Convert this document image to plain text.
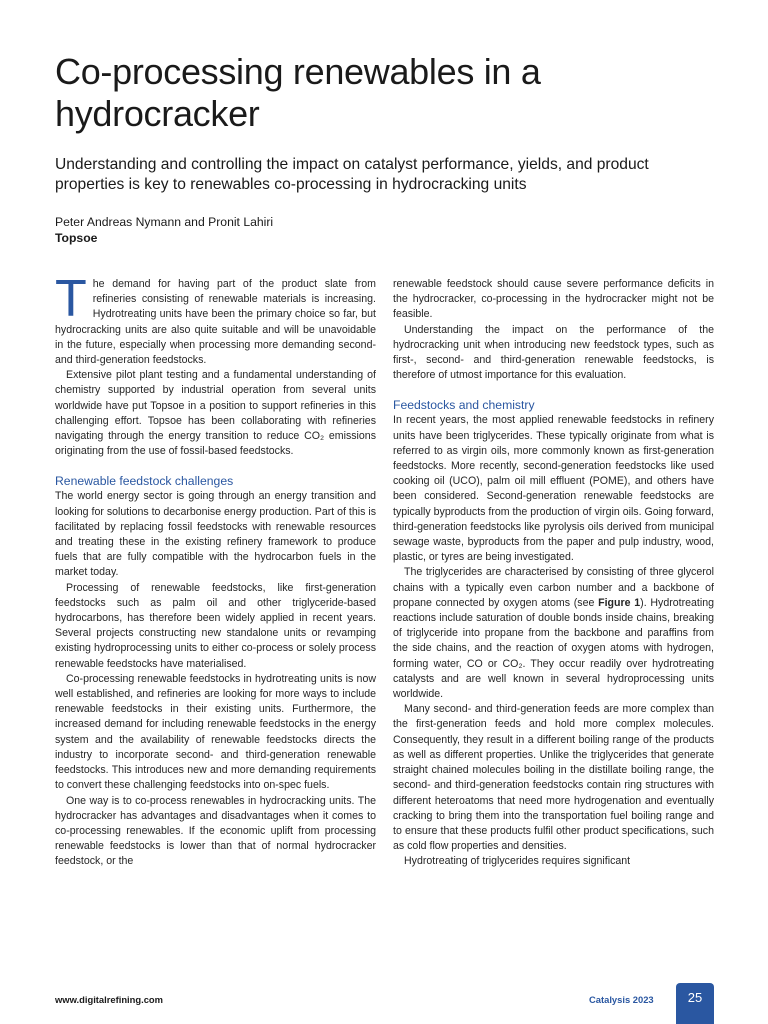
Co-processing renewables in a hydrocracker

Understanding and controlling the impact on catalyst performance, yields, and product properties is key to renewables co-processing in hydrocracking units

Peter Andreas Nymann and Pronit Lahiri
Topsoe

The demand for having part of the product slate from refineries consisting of renewable materials is increasing. Hydrotreating units have been the primary choice so far, but hydrocracking units are also quite suitable and will be unavoidable in the future, especially when processing more demanding second- and third-generation feedstocks.

Extensive pilot plant testing and a fundamental understanding of chemistry supported by industrial operation from several units worldwide have put Topsoe in a position to support refineries in this challenging effort. Topsoe has been collaborating with refineries navigating through the energy transition to reduce CO₂ emissions originating from the use of fossil-based feedstocks.

Renewable feedstock challenges

The world energy sector is going through an energy transition and looking for solutions to decarbonise energy production. Part of this is facilitated by replacing fossil feedstocks with renewable resources and treating these in the existing refinery framework to produce fuels that are fully compatible with the hydrocarbon fuels in the market today.

Processing of renewable feedstocks, like first-generation feedstocks such as palm oil and other triglyceride-based hydrocarbons, has therefore been widely applied in recent years. Several projects constructing new standalone units or revamping existing hydroprocessing units to either co-process or solely process renewable feedstocks have materialised.

Co-processing renewable feedstocks in hydrotreating units is now well established, and refineries are looking for more ways to include renewable feedstocks in their existing units. Furthermore, the increased demand for including renewable feedstocks in the energy system and the availability of renewable feedstocks directs the industry to incorporate second- and third-generation renewable feedstocks. This introduces new and more demanding requirements to convert these challenging feedstocks into on-spec fuels.

One way is to co-process renewables in hydrocracking units. The hydrocracker has advantages and disadvantages when it comes to co-processing renewables. If the economic uplift from processing renewable feedstocks is lower than that of normal hydrocracker feedstock, or the

renewable feedstock should cause severe performance deficits in the hydrocracker, co-processing in the hydrocracker might not be feasible.

Understanding the impact on the performance of the hydrocracking unit when introducing new feedstock types, such as first-, second- and third-generation renewable feedstocks, is therefore of utmost importance for this evaluation.

Feedstocks and chemistry

In recent years, the most applied renewable feedstocks in refinery units have been triglycerides. These typically originate from what is referred to as virgin oils, more commonly known as first-generation feedstocks. More recently, second-generation feedstocks like used cooking oil (UCO), palm oil mill effluent (POME), and others have been considered. Second-generation renewable feedstocks are typically byproducts from the production of virgin oils. Going forward, third-generation feedstocks like pyrolysis oils derived from municipal sewage waste, byproducts from the paper and pulp industry, wood, plastic, or tyres are being investigated.

The triglycerides are characterised by consisting of three glycerol chains with a typically even carbon number and a backbone of propane connected by oxygen atoms (see Figure 1). Hydrotreating reactions include saturation of double bonds inside chains, breaking of triglyceride into propane from the backbone and paraffins from the side chains, and the reaction of oxygen atoms with hydrogen, forming water, CO or CO₂. They occur readily over hydrotreating catalysts and are well known in several hydroprocessing units worldwide.

Many second- and third-generation feeds are more complex than the first-generation feeds and hold more complex molecules. Consequently, they result in a different boiling range of the products as well as different properties. Unlike the triglycerides that generate straight chained molecules boiling in the distillate boiling range, the second- and third-generation feedstocks contain ring structures with different heteroatoms that need more hydrogenation and eventually cracking to bring them into the transportation fuel boiling range and to ensure that these products fulfil other product specifications, such as cold flow properties and densities.

Hydrotreating of triglycerides requires significant

www.digitalrefining.com	Catalysis 2023	25
